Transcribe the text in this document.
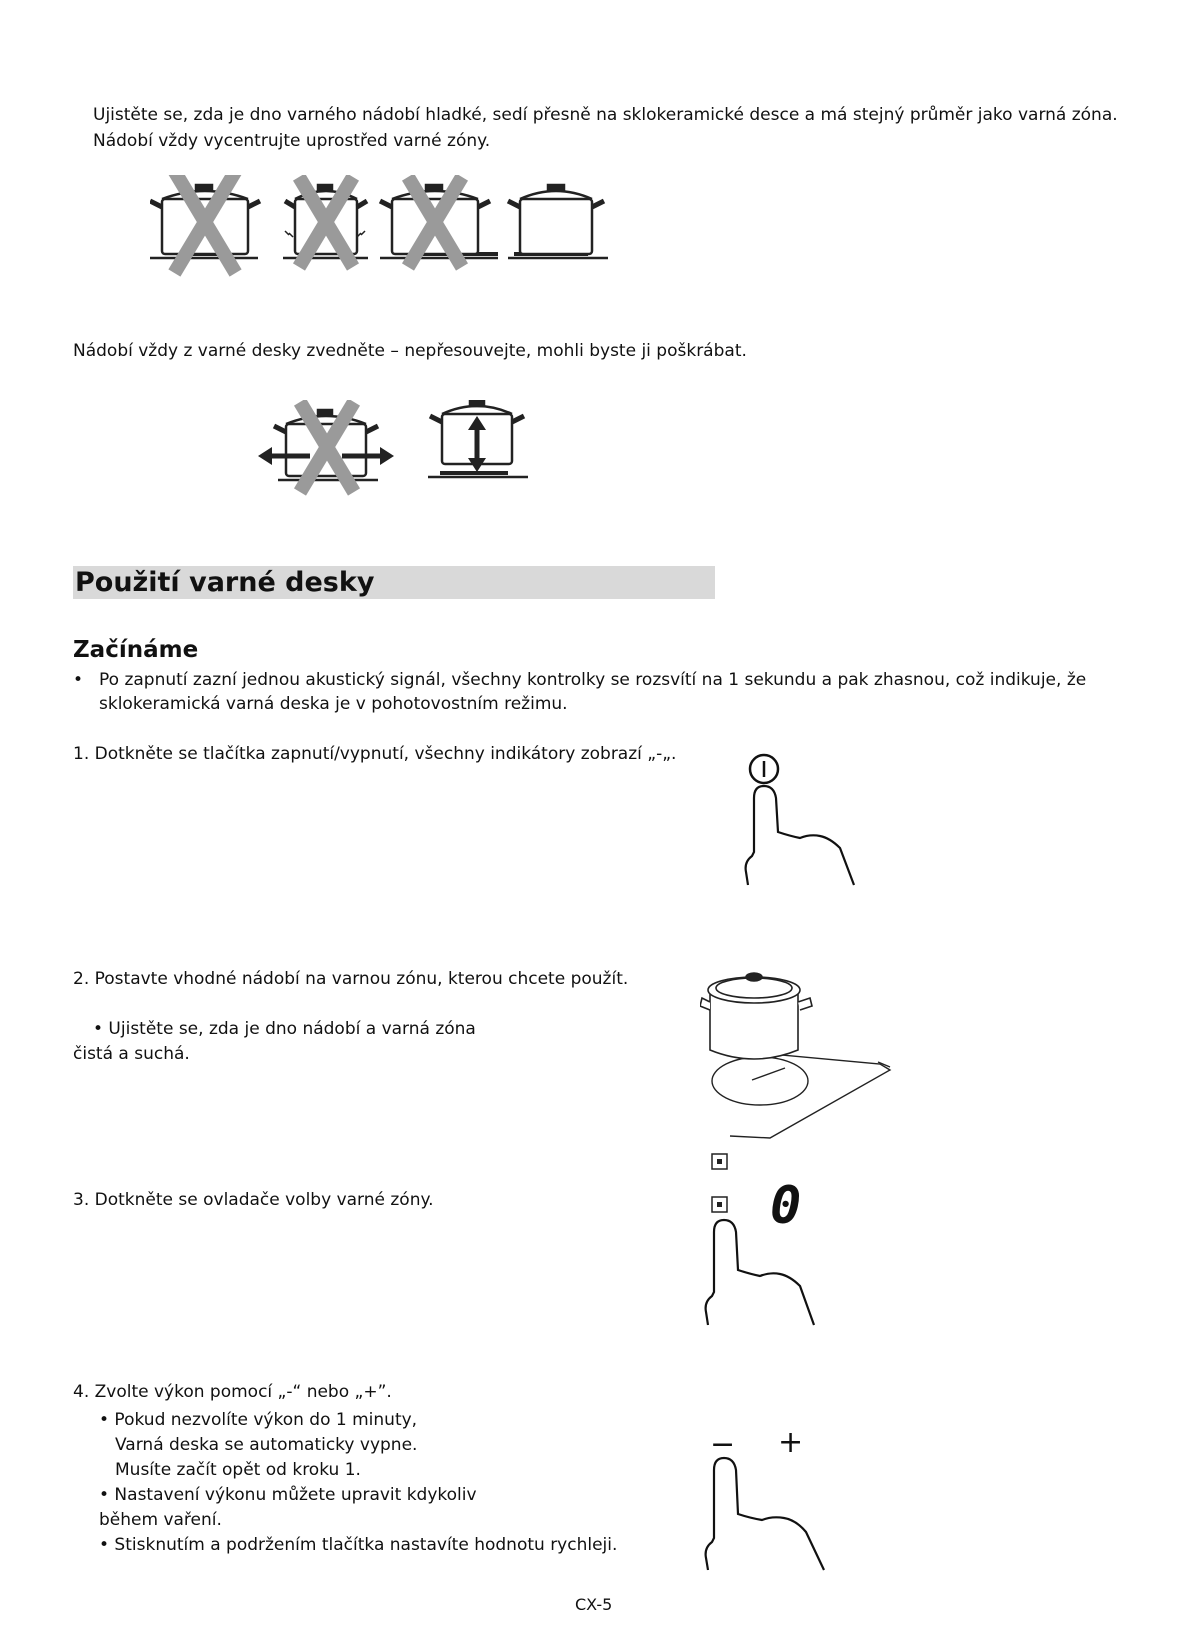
Ujistěte se, zda je dno varného nádobí hladké, sedí přesně na sklokeramické desce a má stejný průměr jako varná zóna.

Nádobí vždy vycentrujte uprostřed varné zóny.

Nádobí vždy z varné desky zvedněte – nepřesouvejte, mohli byste ji poškrábat.

Použití varné desky

Začínáme

• Po zapnutí zazní jednou akustický signál, všechny kontrolky se rozsvítí na 1 sekundu a pak zhasnou, což indikuje, že

sklokeramická varná deska je v pohotovostním režimu.

1. Dotkněte se tlačítka zapnutí/vypnutí, všechny indikátory zobrazí „-„.

2. Postavte vhodné nádobí na varnou zónu, kterou chcete použít.

• Ujistěte se, zda je dno nádobí a varná zóna

čistá a suchá.

3. Dotkněte se ovladače volby varné zóny.	0

4. Zvolte výkon pomocí „-“ nebo „+”.

• Pokud nezvolíte výkon do 1 minuty,

Varná deska se automaticky vypne.

Musíte začít opět od kroku 1.

• Nastavení výkonu můžete upravit kdykoliv

během vaření.

• Stisknutím a podržením tlačítka nastavíte hodnotu rychleji.

− +

CX-5
